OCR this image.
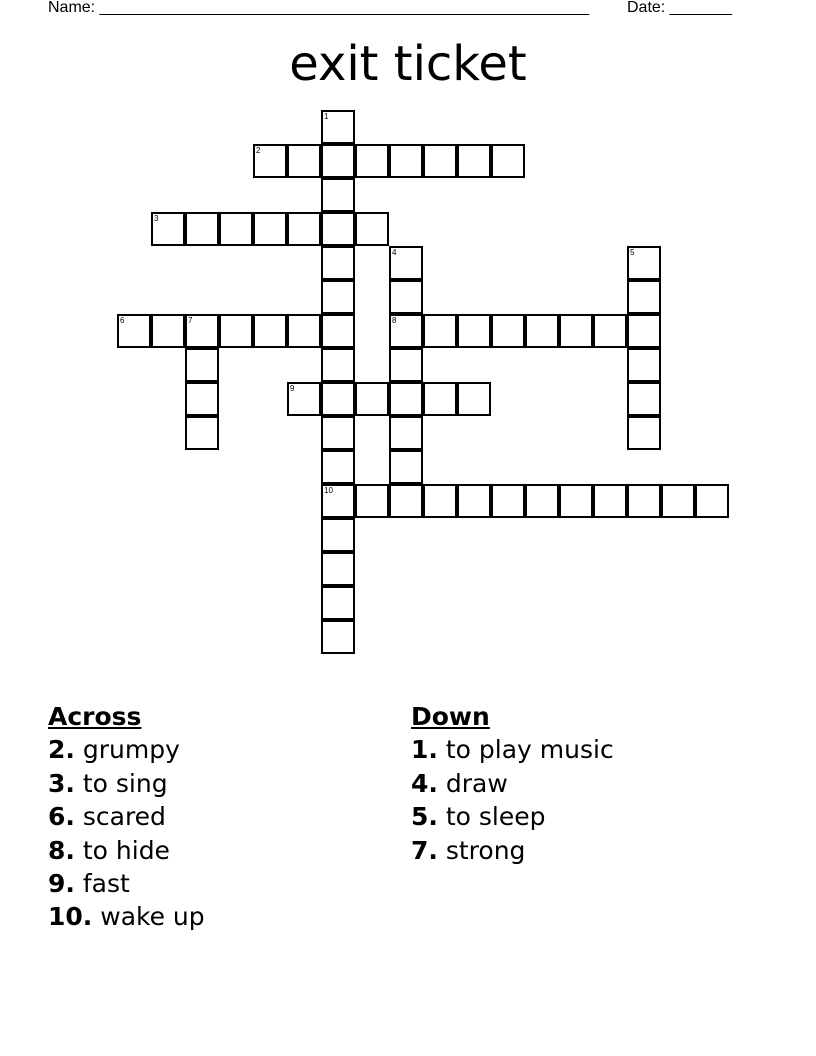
Name: _______________________________________________________ Date: _______
exit ticket
1
2
3
4	5
6	7	8
9
10
Across
2. grumpy
3. to sing
6. scared
8. to hide
9. fast
10. wake up
Down
1. to play music
4. draw
5. to sleep
7. strong
